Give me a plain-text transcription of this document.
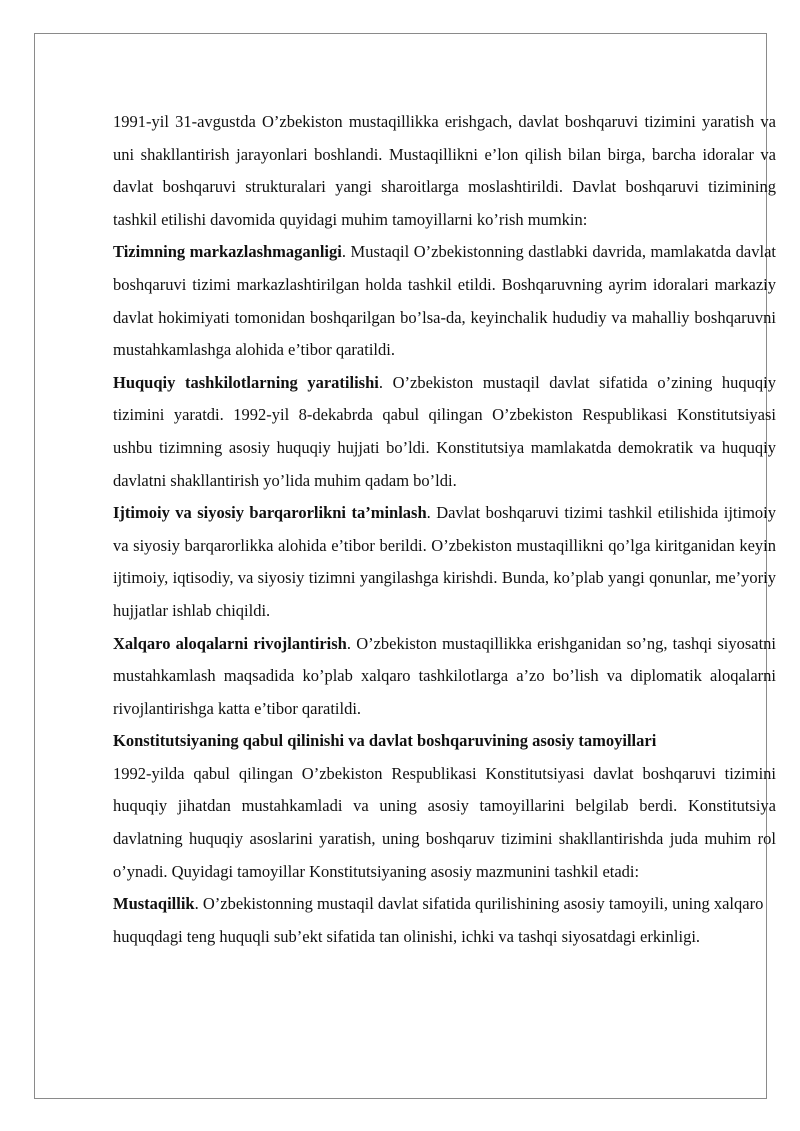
1991-yil 31-avgustda O’zbekiston mustaqillikka erishgach, davlat boshqaruvi tizimini yaratish va uni shakllantirish jarayonlari boshlandi. Mustaqillikni e’lon qilish bilan birga, barcha idoralar va davlat boshqaruvi strukturalari yangi sharoitlarga moslashtirildi. Davlat boshqaruvi tizimining tashkil etilishi davomida quyidagi muhim tamoyillarni ko’rish mumkin:

Tizimning markazlashmaganligi. Mustaqil O’zbekistonning dastlabki davrida, mamlakatda davlat boshqaruvi tizimi markazlashtirilgan holda tashkil etildi. Boshqaruvning ayrim idoralari markaziy davlat hokimiyati tomonidan boshqarilgan bo’lsa-da, keyinchalik hududiy va mahalliy boshqaruvni mustahkamlashga alohida e’tibor qaratildi.

Huquqiy tashkilotlarning yaratilishi. O’zbekiston mustaqil davlat sifatida o’zining huquqiy tizimini yaratdi. 1992-yil 8-dekabrda qabul qilingan O’zbekiston Respublikasi Konstitutsiyasi ushbu tizimning asosiy huquqiy hujjati bo’ldi. Konstitutsiya mamlakatda demokratik va huquqiy davlatni shakllantirish yo’lida muhim qadam bo’ldi.

Ijtimoiy va siyosiy barqarorlikni ta’minlash. Davlat boshqaruvi tizimi tashkil etilishida ijtimoiy va siyosiy barqarorlikka alohida e’tibor berildi. O’zbekiston mustaqillikni qo’lga kiritganidan keyin ijtimoiy, iqtisodiy, va siyosiy tizimni yangilashga kirishdi. Bunda, ko’plab yangi qonunlar, me’yoriy hujjatlar ishlab chiqildi.

Xalqaro aloqalarni rivojlantirish. O’zbekiston mustaqillikka erishganidan so’ng, tashqi siyosatni mustahkamlash maqsadida ko’plab xalqaro tashkilotlarga a’zo bo’lish va diplomatik aloqalarni rivojlantirishga katta e’tibor qaratildi.

Konstitutsiyaning qabul qilinishi va davlat boshqaruvining asosiy tamoyillari

1992-yilda qabul qilingan O’zbekiston Respublikasi Konstitutsiyasi davlat boshqaruvi tizimini huquqiy jihatdan mustahkamladi va uning asosiy tamoyillarini belgilab berdi. Konstitutsiya davlatning huquqiy asoslarini yaratish, uning boshqaruv tizimini shakllantirishda juda muhim rol o’ynadi. Quyidagi tamoyillar Konstitutsiyaning asosiy mazmunini tashkil etadi:

Mustaqillik. O’zbekistonning mustaqil davlat sifatida qurilishining asosiy tamoyili, uning xalqaro huquqdagi teng huquqli sub’ekt sifatida tan olinishi, ichki va tashqi siyosatdagi erkinligi.
